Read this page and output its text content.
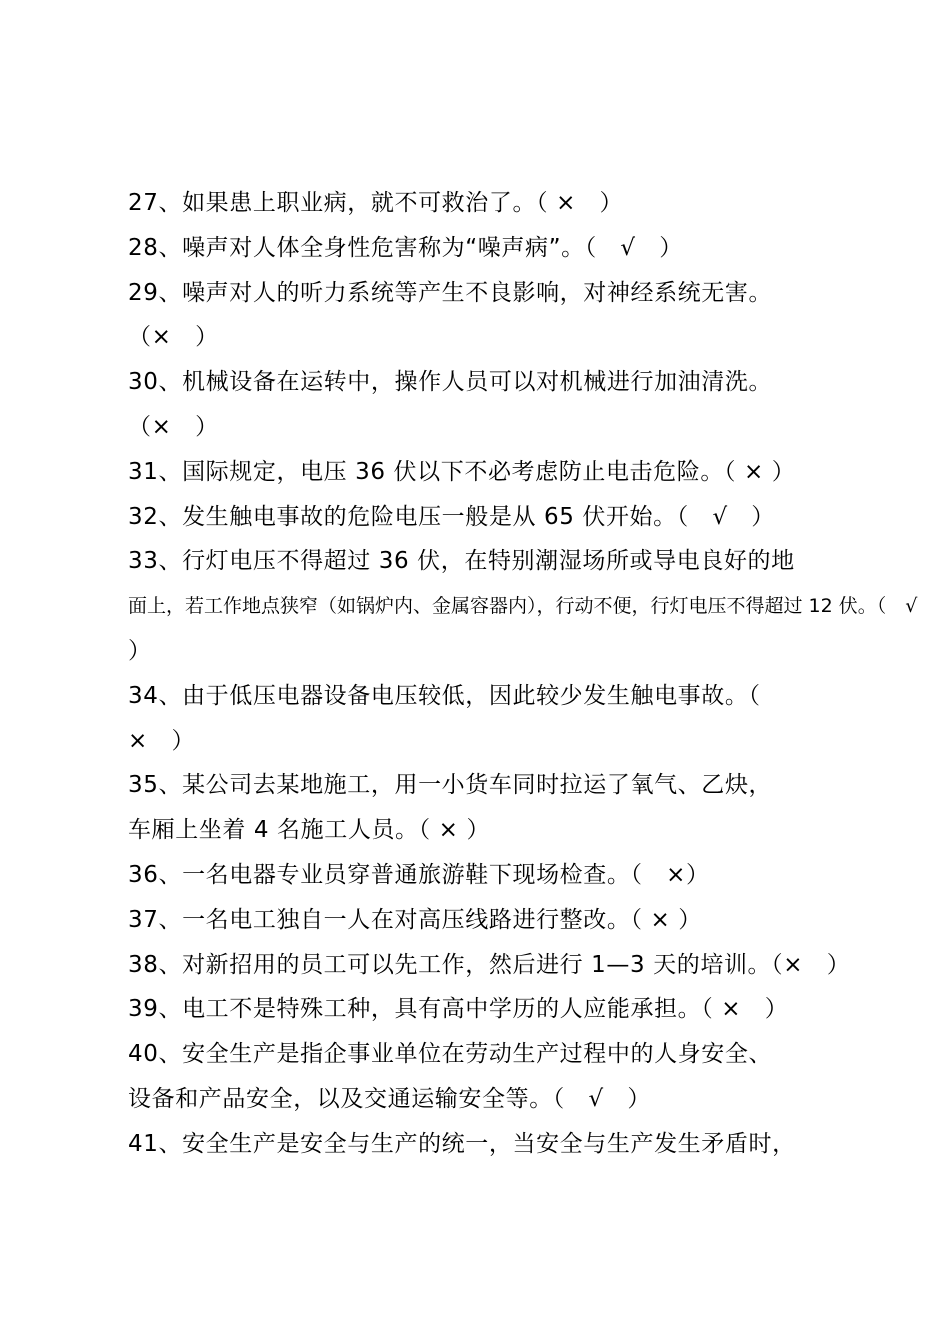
27、如果患上职业病，就不可救治了。（ ×　）
28、噪声对人体全身性危害称为“噪声病”。（　√　）
29、噪声对人的听力系统等产生不良影响，对神经系统无害。
（×　）
30、机械设备在运转中，操作人员可以对机械进行加油清洗。
（×　）
31、国际规定，电压 36 伏以下不必考虑防止电击危险。（ × ）
32、发生触电事故的危险电压一般是从 65 伏开始。（　√　）
33、行灯电压不得超过 36 伏，在特别潮湿场所或导电良好的地
面上，若工作地点狭窄（如锅炉内、金属容器内），行动不便，行灯电压不得超过 12 伏。（　√
）
34、由于低压电器设备电压较低，因此较少发生触电事故。（
×　）
35、某公司去某地施工，用一小货车同时拉运了氧气、乙炔，
车厢上坐着 4 名施工人员。（ × ）
36、一名电器专业员穿普通旅游鞋下现场检查。（　×）
37、一名电工独自一人在对高压线路进行整改。（ × ）
38、对新招用的员工可以先工作，然后进行 1—3 天的培训。（×　）
39、电工不是特殊工种，具有高中学历的人应能承担。（ ×　）
40、安全生产是指企事业单位在劳动生产过程中的人身安全、
设备和产品安全，以及交通运输安全等。（　√　）
41、安全生产是安全与生产的统一，当安全与生产发生矛盾时，
